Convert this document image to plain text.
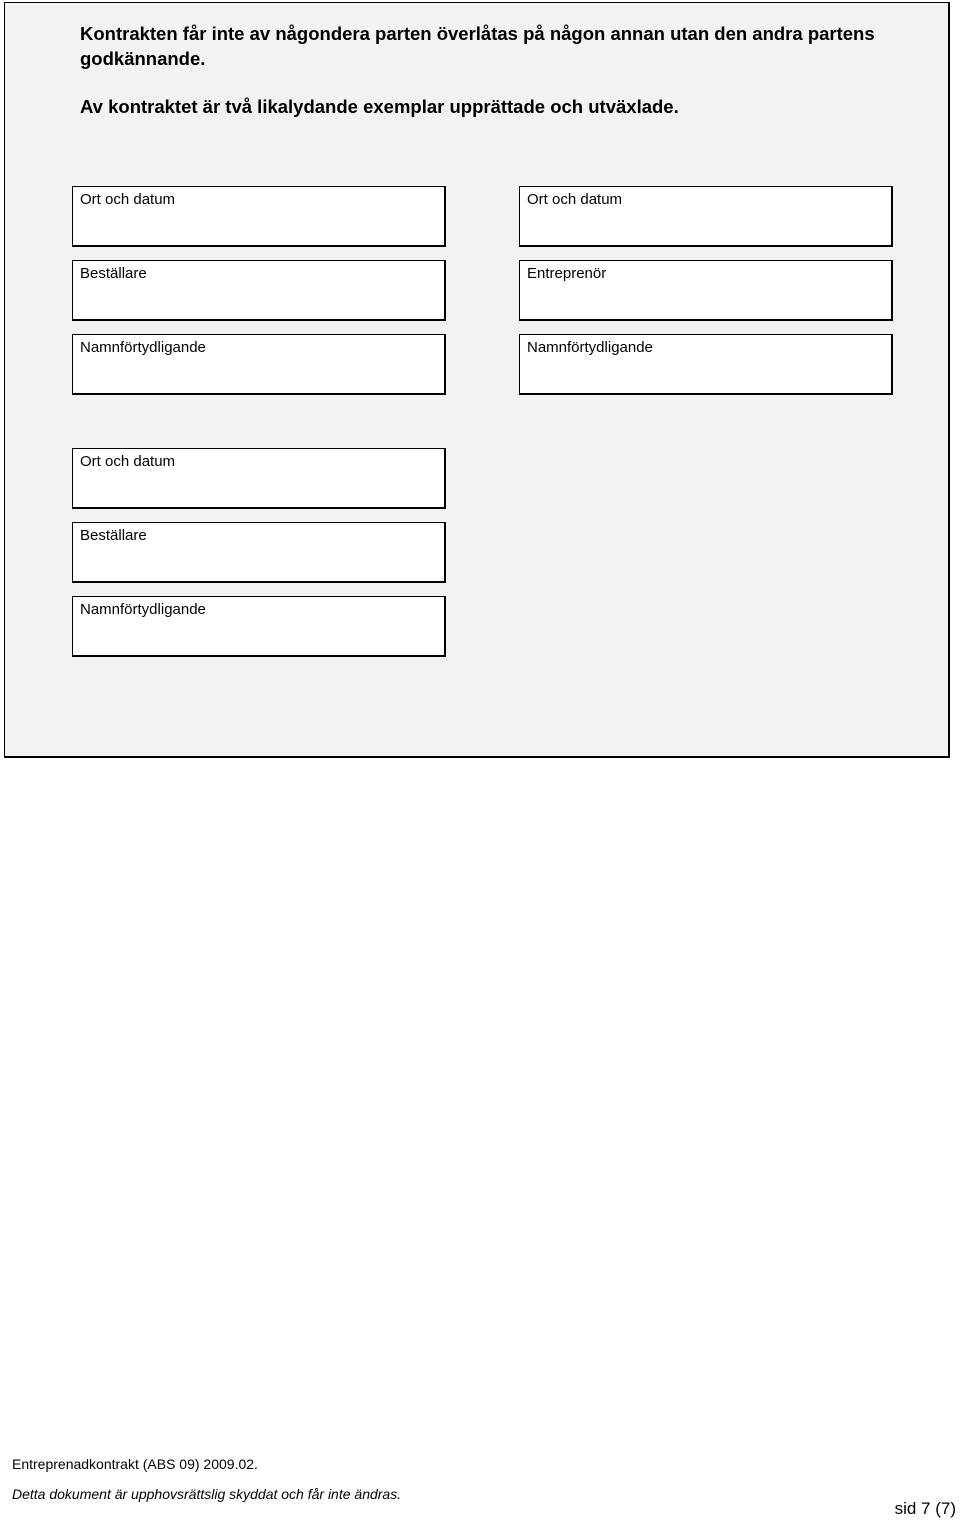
Kontrakten får inte av någondera parten överlåtas på någon annan utan den andra partens godkännande.

Av kontraktet är två likalydande exemplar upprättade och utväxlade.

Ort och datum
Beställare
Namnförtydligande
Ort och datum
Entreprenör
Namnförtydligande
Ort och datum
Beställare
Namnförtydligande
Entreprenadkontrakt (ABS 09) 2009.02.
Detta dokument är upphovsrättslig skyddat och får inte ändras.
sid 7 (7)
